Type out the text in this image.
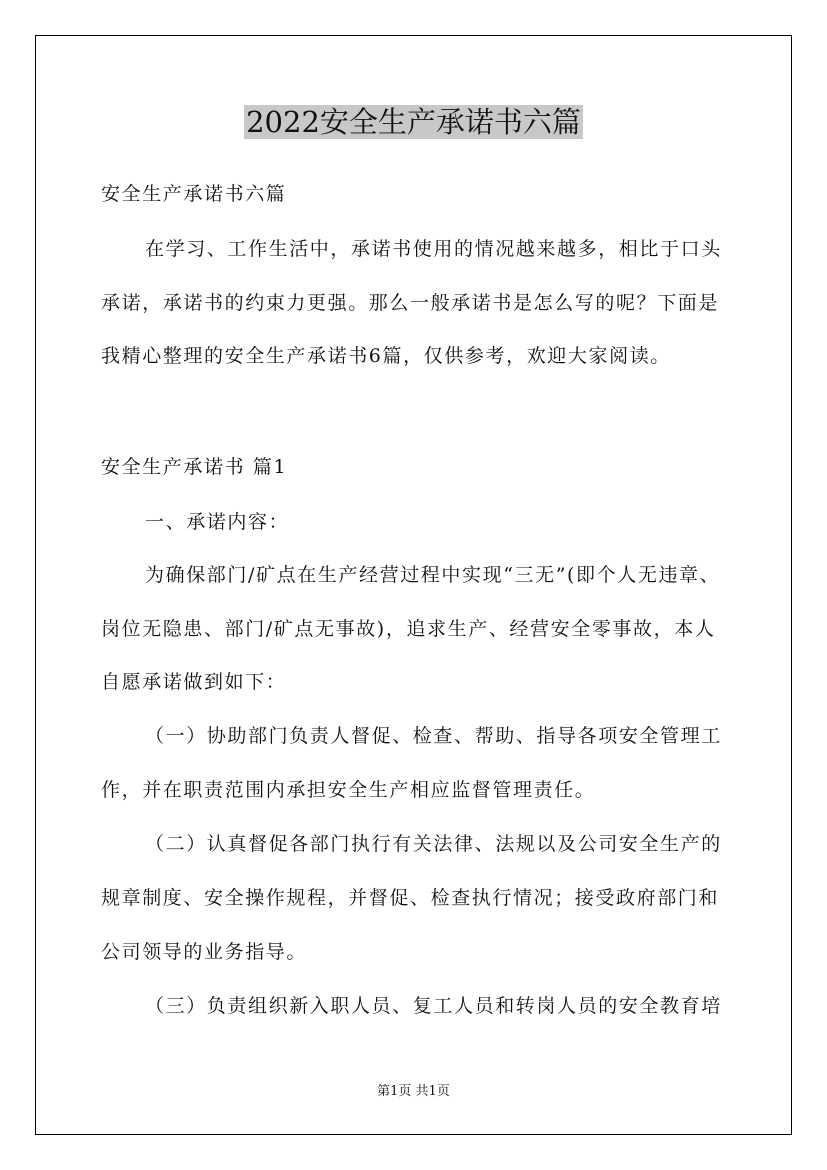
2022安全生产承诺书六篇
安全生产承诺书六篇
在学习、工作生活中，承诺书使用的情况越来越多，相比于口头
承诺，承诺书的约束力更强。那么一般承诺书是怎么写的呢？下面是
我精心整理的安全生产承诺书6篇，仅供参考，欢迎大家阅读。
安全生产承诺书 篇1
一、承诺内容：
为确保部门/矿点在生产经营过程中实现“三无”(即个人无违章、
岗位无隐患、部门/矿点无事故)，追求生产、经营安全零事故，本人
自愿承诺做到如下：
（一）协助部门负责人督促、检查、帮助、指导各项安全管理工
作，并在职责范围内承担安全生产相应监督管理责任。
（二）认真督促各部门执行有关法律、法规以及公司安全生产的
规章制度、安全操作规程，并督促、检查执行情况；接受政府部门和
公司领导的业务指导。
（三）负责组织新入职人员、复工人员和转岗人员的安全教育培
第1页 共1页
